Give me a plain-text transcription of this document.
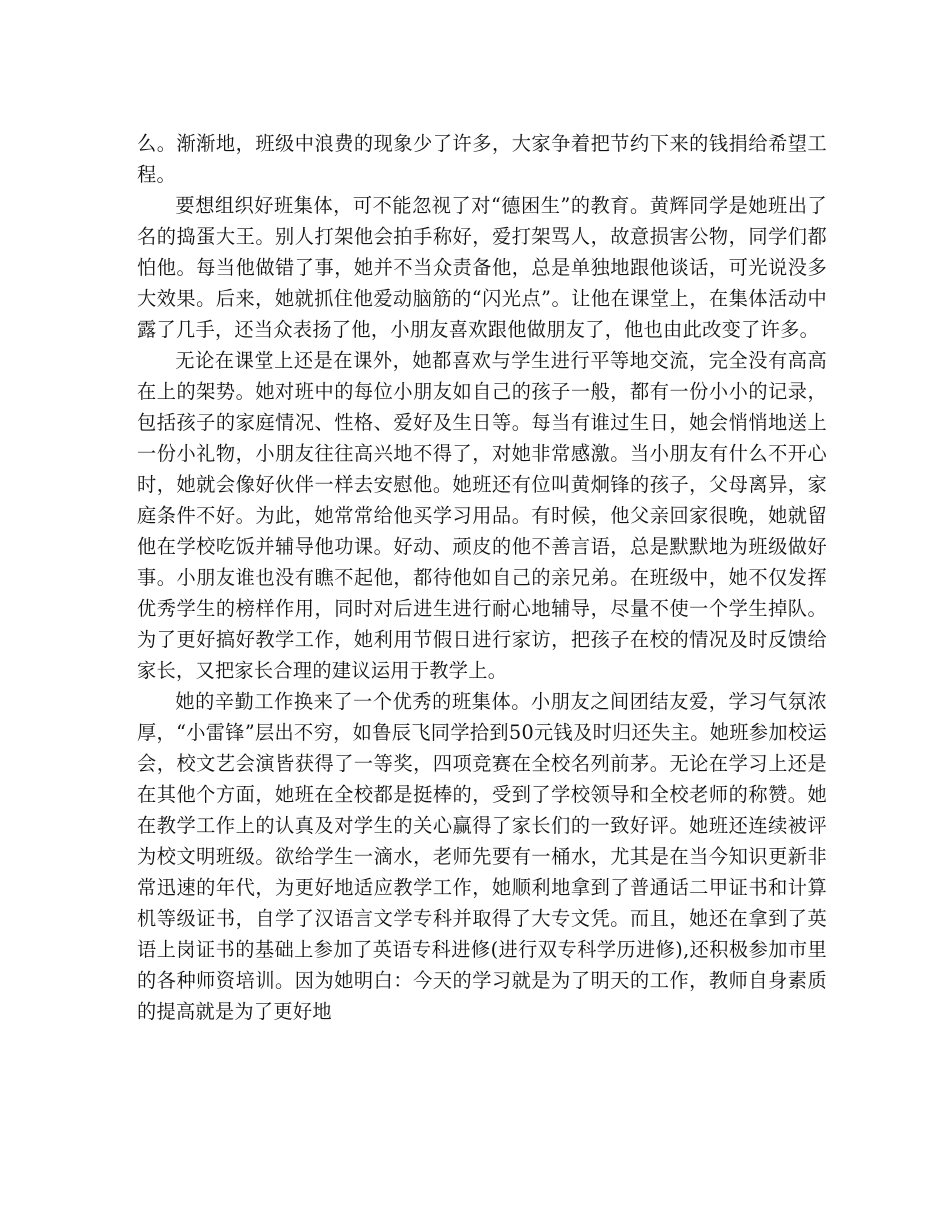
么。渐渐地，班级中浪费的现象少了许多，大家争着把节约下来的钱捐给希望工程。

要想组织好班集体，可不能忽视了对“德困生”的教育。黄辉同学是她班出了名的捣蛋大王。别人打架他会拍手称好，爱打架骂人，故意损害公物，同学们都怕他。每当他做错了事，她并不当众责备他，总是单独地跟他谈话，可光说没多大效果。后来，她就抓住他爱动脑筋的“闪光点”。让他在课堂上，在集体活动中露了几手，还当众表扬了他，小朋友喜欢跟他做朋友了，他也由此改变了许多。

无论在课堂上还是在课外，她都喜欢与学生进行平等地交流，完全没有高高在上的架势。她对班中的每位小朋友如自己的孩子一般，都有一份小小的记录，包括孩子的家庭情况、性格、爱好及生日等。每当有谁过生日，她会悄悄地送上一份小礼物，小朋友往往高兴地不得了，对她非常感激。当小朋友有什么不开心时，她就会像好伙伴一样去安慰他。她班还有位叫黄炯锋的孩子，父母离异，家庭条件不好。为此，她常常给他买学习用品。有时候，他父亲回家很晚，她就留他在学校吃饭并辅导他功课。好动、顽皮的他不善言语，总是默默地为班级做好事。小朋友谁也没有瞧不起他，都待他如自己的亲兄弟。在班级中，她不仅发挥优秀学生的榜样作用，同时对后进生进行耐心地辅导，尽量不使一个学生掉队。为了更好搞好教学工作，她利用节假日进行家访，把孩子在校的情况及时反馈给家长，又把家长合理的建议运用于教学上。

她的辛勤工作换来了一个优秀的班集体。小朋友之间团结友爱，学习气氛浓厚，“小雷锋”层出不穷，如鲁辰飞同学拾到50元钱及时归还失主。她班参加校运会，校文艺会演皆获得了一等奖，四项竞赛在全校名列前茅。无论在学习上还是在其他个方面，她班在全校都是挺棒的，受到了学校领导和全校老师的称赞。她在教学工作上的认真及对学生的关心赢得了家长们的一致好评。她班还连续被评为校文明班级。欲给学生一滴水，老师先要有一桶水，尤其是在当今知识更新非常迅速的年代，为更好地适应教学工作，她顺利地拿到了普通话二甲证书和计算机等级证书，自学了汉语言文学专科并取得了大专文凭。而且，她还在拿到了英语上岗证书的基础上参加了英语专科进修(进行双专科学历进修),还积极参加市里的各种师资培训。因为她明白：今天的学习就是为了明天的工作，教师自身素质的提高就是为了更好地
